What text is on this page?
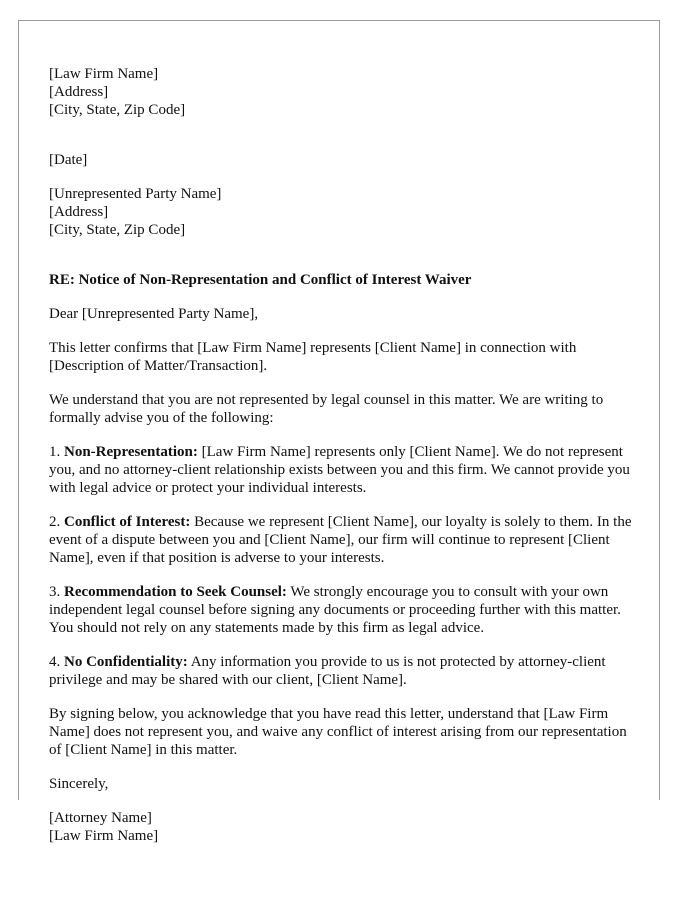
[Law Firm Name]
[Address]
[City, State, Zip Code]

[Date]

[Unrepresented Party Name]
[Address]
[City, State, Zip Code]

RE: Notice of Non-Representation and Conflict of Interest Waiver

Dear [Unrepresented Party Name],

This letter confirms that [Law Firm Name] represents [Client Name] in connection with [Description of Matter/Transaction].

We understand that you are not represented by legal counsel in this matter. We are writing to formally advise you of the following:

1. Non-Representation: [Law Firm Name] represents only [Client Name]. We do not represent you, and no attorney-client relationship exists between you and this firm. We cannot provide you with legal advice or protect your individual interests.

2. Conflict of Interest: Because we represent [Client Name], our loyalty is solely to them. In the event of a dispute between you and [Client Name], our firm will continue to represent [Client Name], even if that position is adverse to your interests.

3. Recommendation to Seek Counsel: We strongly encourage you to consult with your own independent legal counsel before signing any documents or proceeding further with this matter. You should not rely on any statements made by this firm as legal advice.

4. No Confidentiality: Any information you provide to us is not protected by attorney-client privilege and may be shared with our client, [Client Name].

By signing below, you acknowledge that you have read this letter, understand that [Law Firm Name] does not represent you, and waive any conflict of interest arising from our representation of [Client Name] in this matter.

Sincerely,

[Attorney Name]
[Law Firm Name]
